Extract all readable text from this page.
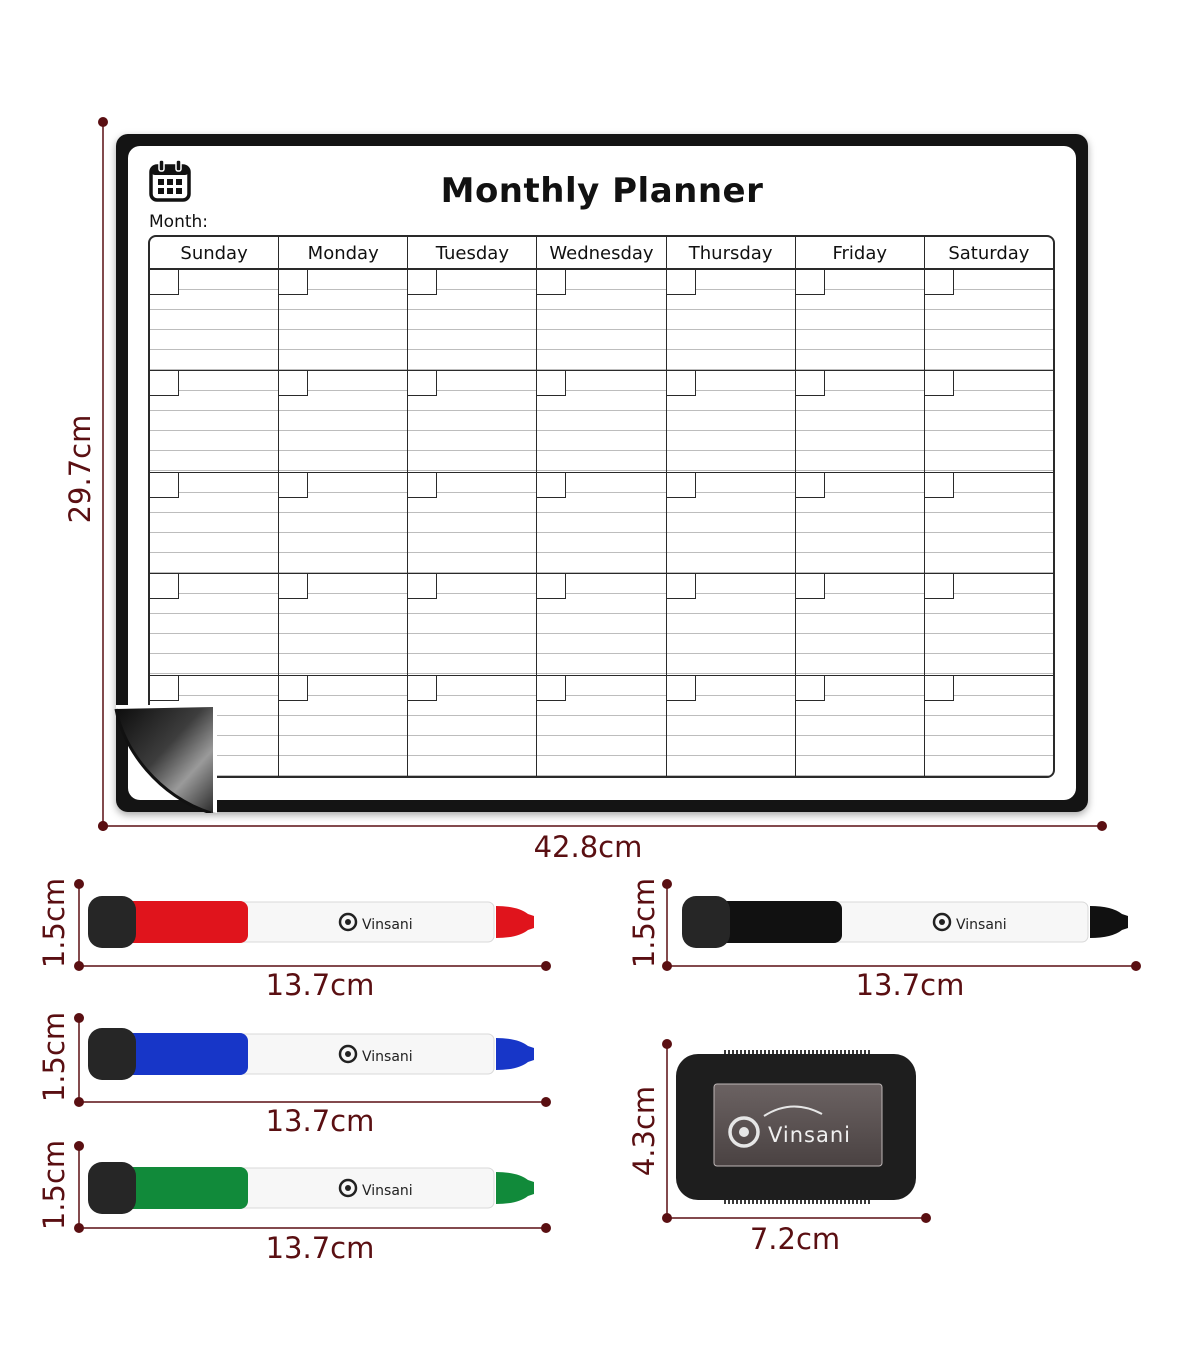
Monthly Planner
Month:
Sunday	Monday	Tuesday	Wednesday	Thursday	Friday	Saturday
29.7cm
42.8cm
Vinsani
1.5cm
13.7cm
Vinsani
1.5cm
13.7cm
Vinsani
1.5cm
13.7cm
Vinsani
1.5cm
13.7cm
Vinsani
4.3cm
7.2cm
